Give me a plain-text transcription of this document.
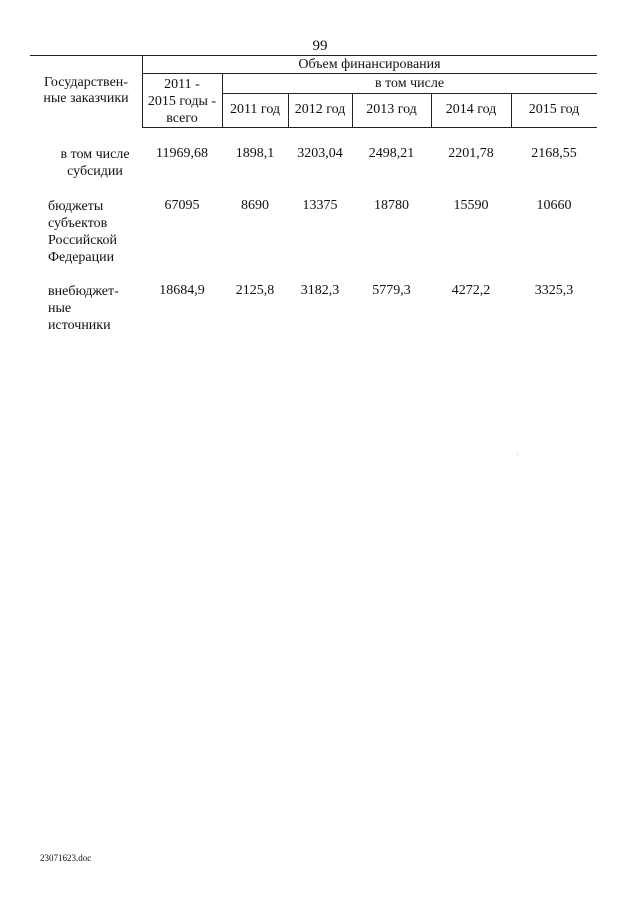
99
Государствен-
ные заказчики
Объем финансирования
2011 -
2015 годы -
всего
в том числе
2011 год	2012 год	2013 год	2014 год	2015 год
в том числе
субсидии
11969,68	1898,1	3203,04	2498,21	2201,78	2168,55
бюджеты
субъектов
Российской
Федерации
67095	8690	13375	18780	15590	10660
внебюджет-
ные
источники
18684,9	2125,8	3182,3	5779,3	4272,2	3325,3
23071623.doc
